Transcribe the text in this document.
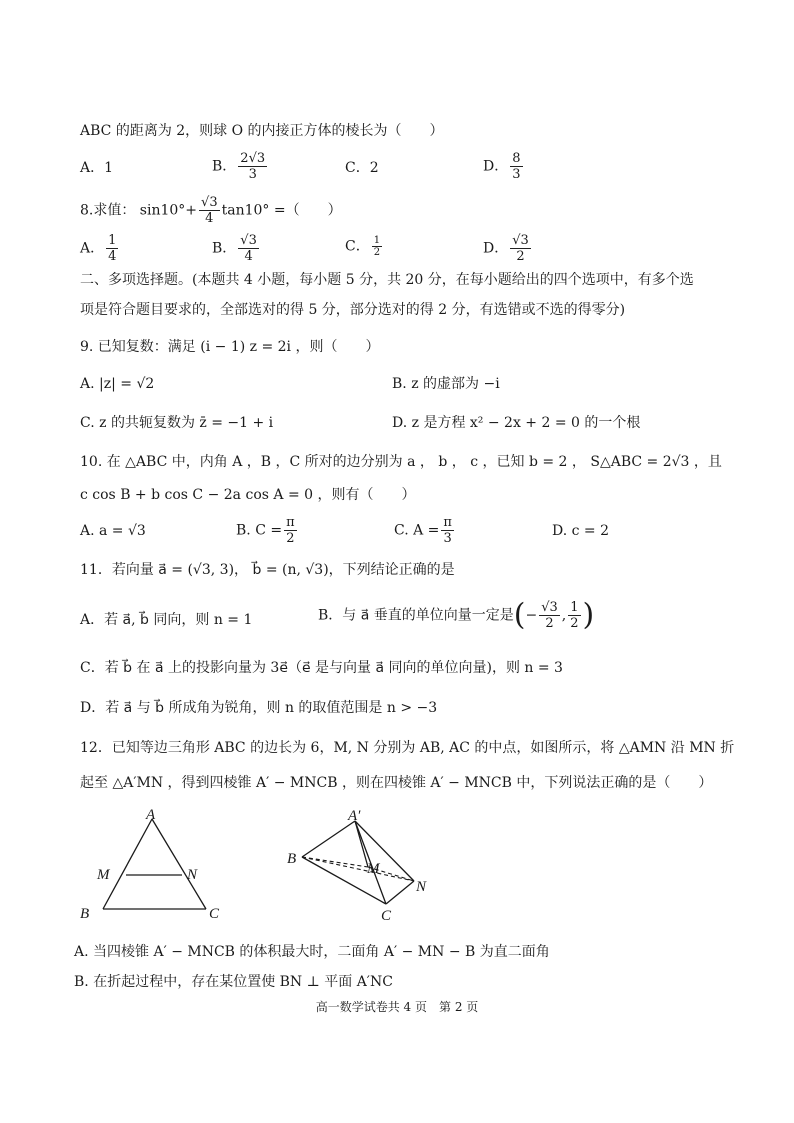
ABC 的距离为 2，则球 O 的内接正方体的棱长为（　　）
A．1	B． $\frac{2√3}{3}$	C．2	D． $\frac{8}{3}$
8.求值： $\sin 10^\circ+ \frac{√3}{4} \tan 10^\circ$ =（　　）
A． $\frac{1}{4}$	B． $\frac{√3}{4}$	C． $\frac{1}{2}$	D． $\frac{√3}{2}$
二、多项选择题。(本题共 4 小题，每小题 5 分，共 20 分，在每小题给出的四个选项中，有多个选
项是符合题目要求的，全部选对的得 5 分，部分选对的得 2 分，有选错或不选的得零分)
9. 已知复数：满足 (i − 1) z = 2i ，则（　　）
A. |z| = √2	B. z 的虚部为 −i
C. z 的共轭复数为 z̄ = −1 + i	D. z 是方程 x² − 2x + 2 = 0 的一个根
10. 在 △ABC 中，内角 A ，B ，C 所对的边分别为 a ， b ， c ，已知 b = 2 ， S△ABC = 2√3 ，且
c cos B + b cos C − 2a cos A = 0 ，则有（　　）
A. a = √3	B. $C = \frac{\pi}{2}$	C. $A = \frac{\pi}{3}$	D. c = 2
11．若向量 a⃗ = (√3, 3)， b⃗ = (n, √3)，下列结论正确的是
A．若 a⃗, b⃗ 同向，则 n = 1	B．与 a⃗ 垂直的单位向量一定是(− $\frac{√3}{2}$ , $\frac{1}{2}$ )
C．若 b⃗ 在 a⃗ 上的投影向量为 3e⃗（e⃗ 是与向量 a⃗ 同向的单位向量)，则 n = 3
D．若 a⃗ 与 b⃗ 所成角为锐角，则 n 的取值范围是 n > −3
12．已知等边三角形 ABC 的边长为 6，M, N 分别为 AB, AC 的中点，如图所示，将 △AMN 沿 MN 折
起至 △A′MN ，得到四棱锥 A′ − MNCB ，则在四棱锥 A′ − MNCB 中，下列说法正确的是（　　）
A
M	N
B	C
A′
B
M
N
C
A. 当四棱锥 A′ − MNCB 的体积最大时，二面角 A′ − MN − B 为直二面角
B. 在折起过程中，存在某位置使 BN ⊥ 平面 A′NC
高一数学试卷共 4 页　第 2 页
